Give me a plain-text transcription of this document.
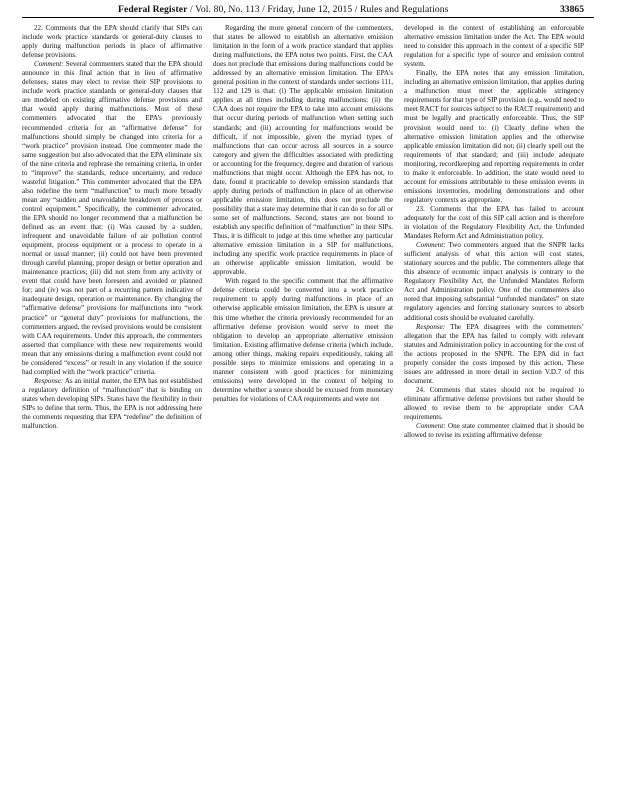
Federal Register / Vol. 80, No. 113 / Friday, June 12, 2015 / Rules and Regulations	33865

22. Comments that the EPA should clarify that SIPs can include work practice standards or general-duty clauses to apply during malfunction periods in place of affirmative defense provisions.

Comment: Several commenters stated that the EPA should announce in this final action that in lieu of affirmative defenses, states may elect to revise their SIP provisions to include work practice standards or general-duty clauses that are modeled on existing affirmative defense provisions and that would apply during malfunctions. Most of these commenters advocated that the EPA’s previously recommended criteria for an “affirmative defense” for malfunctions should simply be changed into criteria for a “work practice” provision instead. One commenter made the same suggestion but also advocated that the EPA eliminate six of the nine criteria and rephrase the remaining criteria, in order to “improve” the standards, reduce uncertainty, and reduce wasteful litigation.” This commenter advocated that the EPA also redefine the term “malfunction” to much more broadly mean any “sudden and unavoidable breakdown of process or control equipment.” Specifically, the commenter advocated, the EPA should no longer recommend that a malfunction be defined as an event that: (i) Was caused by a sudden, infrequent and unavoidable failure of air pollution control equipment, process equipment or a process to operate in a normal or usual manner; (ii) could not have been prevented through careful planning, proper design or better operation and maintenance practices; (iii) did not stem from any activity or event that could have been foreseen and avoided or planned for; and (iv) was not part of a recurring pattern indicative of inadequate design, operation or maintenance. By changing the “affirmative defense” provisions for malfunctions into “work practice” or “general duty” provisions for malfunctions, the commenters argued, the revised provisions would be consistent with CAA requirements. Under this approach, the commenters asserted that compliance with these new requirements would mean that any emissions during a malfunction event could not be considered “excess” or result in any violation if the source had complied with the “work practice” criteria.

Response: As an initial matter, the EPA has not established a regulatory definition of “malfunction” that is binding on states when developing SIPs. States have the flexibility in their SIPs to define that term. Thus, the EPA is not addressing here the comments requesting that EPA “redefine” the definition of malfunction.

Regarding the more general concern of the commenters, that states be allowed to establish an alternative emission limitation in the form of a work practice standard that applies during malfunctions, the EPA notes two points. First, the CAA does not preclude that emissions during malfunctions could be addressed by an alternative emission limitation. The EPA’s general position in the context of standards under sections 111, 112 and 129 is that: (i) The applicable emission limitation applies at all times including during malfunctions; (ii) the CAA does not require the EPA to take into account emissions that occur during periods of malfunction when setting such standards; and (iii) accounting for malfunctions would be difficult, if not impossible, given the myriad types of malfunctions that can occur across all sources in a source category and given the difficulties associated with predicting or accounting for the frequency, degree and duration of various malfunctions that might occur. Although the EPA has not, to date, found it practicable to develop emission standards that apply during periods of malfunction in place of an otherwise applicable emission limitation, this does not preclude the possibility that a state may determine that it can do so for all or some set of malfunctions. Second, states are not bound to establish any specific definition of “malfunction” in their SIPs. Thus, it is difficult to judge at this time whether any particular alternative emission limitation in a SIP for malfunctions, including any specific work practice requirements in place of an otherwise applicable emission limitation, would be approvable.

With regard to the specific comment that the affirmative defense criteria could be converted into a work practice requirement to apply during malfunctions in place of an otherwise applicable emission limitation, the EPA is unsure at this time whether the criteria previously recommended for an affirmative defense provision would serve to meet the obligation to develop an appropriate alternative emission limitation. Existing affirmative defense criteria (which include, among other things, making repairs expeditiously, taking all possible steps to minimize emissions and operating in a manner consistent with good practices for minimizing emissions) were developed in the context of helping to determine whether a source should be excused from monetary penalties for violations of CAA requirements and were not

developed in the context of establishing an enforceable alternative emission limitation under the Act. The EPA would need to consider this approach in the context of a specific SIP regulation for a specific type of source and emission control system.

Finally, the EPA notes that any emission limitation, including an alternative emission limitation, that applies during a malfunction must meet the applicable stringency requirements for that type of SIP provision (e.g., would need to meet RACT for sources subject to the RACT requirement) and must be legally and practically enforceable. Thus, the SIP provision would need to: (i) Clearly define when the alternative emission limitation applies and the otherwise applicable emission limitation did not; (ii) clearly spell out the requirements of that standard; and (iii) include adequate monitoring, recordkeeping and reporting requirements in order to make it enforceable. In addition, the state would need to account for emissions attributable to these emission events in emissions inventories, modeling demonstrations and other regulatory contexts as appropriate.

23. Comments that the EPA has failed to account adequately for the cost of this SIP call action and is therefore in violation of the Regulatory Flexibility Act, the Unfunded Mandates Reform Act and Administration policy.

Comment: Two commenters argued that the SNPR lacks sufficient analysis of what this action will cost states, stationary sources and the public. The commenters allege that this absence of economic impact analysis is contrary to the Regulatory Flexibility Act, the Unfunded Mandates Reform Act and Administration policy. One of the commenters also noted that imposing substantial “unfunded mandates” on state regulatory agencies and forcing stationary sources to absorb additional costs should be evaluated carefully.

Response: The EPA disagrees with the commenters’ allegation that the EPA has failed to comply with relevant statutes and Administration policy in accounting for the cost of the actions proposed in the SNPR. The EPA did in fact properly consider the costs imposed by this action. These issues are addressed in more detail in section V.D.7 of this document.

24. Comments that states should not be required to eliminate affirmative defense provisions but rather should be allowed to revise them to be appropriate under CAA requirements.

Comment: One state commenter claimed that it should be allowed to revise its existing affirmative defense
